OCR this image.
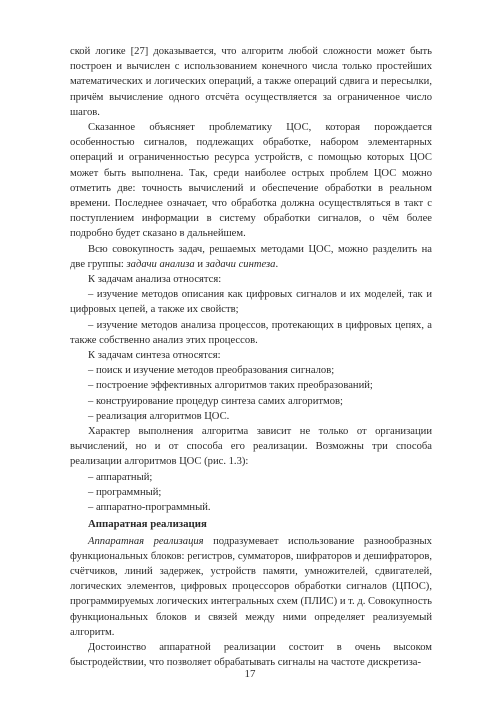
ской логике [27] доказывается, что алгоритм любой сложности может быть построен и вычислен с использованием конечного числа только простейших математических и логических операций, а также операций сдвига и пересылки, причём вычисление одного отсчёта осуществляется за ограниченное число шагов.

Сказанное объясняет проблематику ЦОС, которая порождается особенностью сигналов, подлежащих обработке, набором элементарных операций и ограниченностью ресурса устройств, с помощью которых ЦОС может быть выполнена. Так, среди наиболее острых проблем ЦОС можно отметить две: точность вычислений и обеспечение обработки в реальном времени. Последнее означает, что обработка должна осуществляться в такт с поступлением информации в систему обработки сигналов, о чём более подробно будет сказано в дальнейшем.

Всю совокупность задач, решаемых методами ЦОС, можно разделить на две группы: задачи анализа и задачи синтеза.

К задачам анализа относятся:

– изучение методов описания как цифровых сигналов и их моделей, так и цифровых цепей, а также их свойств;

– изучение методов анализа процессов, протекающих в цифровых цепях, а также собственно анализ этих процессов.

К задачам синтеза относятся:

– поиск и изучение методов преобразования сигналов;

– построение эффективных алгоритмов таких преобразований;

– конструирование процедур синтеза самих алгоритмов;

– реализация алгоритмов ЦОС.

Характер выполнения алгоритма зависит не только от организации вычислений, но и от способа его реализации. Возможны три способа реализации алгоритмов ЦОС (рис. 1.3):

– аппаратный;

– программный;

– аппаратно-программный.

Аппаратная реализация

Аппаратная реализация подразумевает использование разнообразных функциональных блоков: регистров, сумматоров, шифраторов и дешифраторов, счётчиков, линий задержек, устройств памяти, умножителей, сдвигателей, логических элементов, цифровых процессоров обработки сигналов (ЦПОС), программируемых логических интегральных схем (ПЛИС) и т. д. Совокупность функциональных блоков и связей между ними определяет реализуемый алгоритм.

Достоинство аппаратной реализации состоит в очень высоком быстродействии, что позволяет обрабатывать сигналы на частоте дискретиза-

17
